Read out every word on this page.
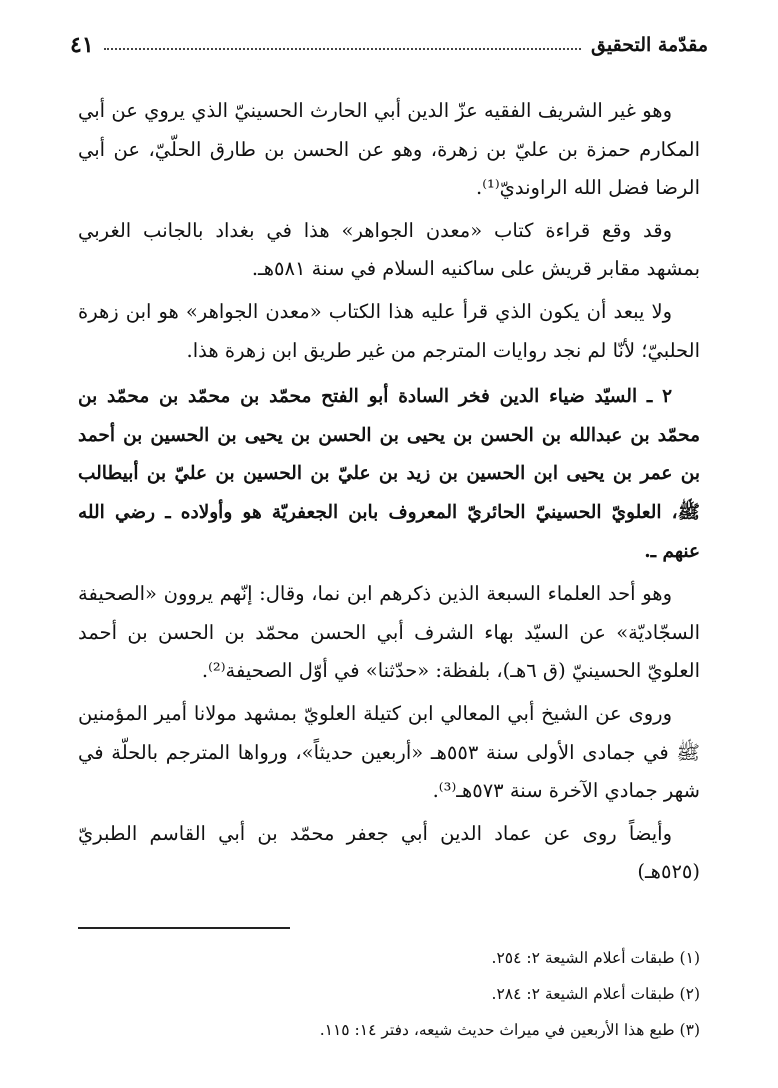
مقدّمة التحقيق
٤١

وهو غير الشريف الفقيه عزّ الدين أبي الحارث الحسينيّ الذي يروي عن أبي المكارم حمزة بن عليّ بن زهرة، وهو عن الحسن بن طارق الحلّيّ، عن أبي الرضا فضل الله الراونديّ⁽¹⁾.

وقد وقع قراءة كتاب «معدن الجواهر» هذا في بغداد بالجانب الغربي بمشهد مقابر قريش على ساكنيه السلام في سنة ٥٨١هـ.

ولا يبعد أن يكون الذي قرأ عليه هذا الكتاب «معدن الجواهر» هو ابن زهرة الحلبيّ؛ لأنّا لم نجد روايات المترجم من غير طريق ابن زهرة هذا.

٢ ـ السيّد ضياء الدين فخر السادة أبو الفتح محمّد بن محمّد بن محمّد بن محمّد بن عبدالله بن الحسن بن يحيى بن الحسن بن يحيى بن الحسين بن أحمد بن عمر بن يحيى ابن الحسين بن زيد بن عليّ بن الحسين بن عليّ بن أبيطالب ﷺ، العلويّ الحسينيّ الحائريّ المعروف بابن الجعفريّة هو وأولاده ـ رضي الله عنهم ـ.

وهو أحد العلماء السبعة الذين ذكرهم ابن نما، وقال: إنّهم يروون «الصحيفة السجّاديّة» عن السيّد بهاء الشرف أبي الحسن محمّد بن الحسن بن أحمد العلويّ الحسينيّ (ق ٦هـ)، بلفظة: «حدّثنا» في أوّل الصحيفة⁽²⁾.

وروى عن الشيخ أبي المعالي ابن كتيلة العلويّ بمشهد مولانا أمير المؤمنين ﷺ في جمادى الأولى سنة ٥٥٣هـ «أربعين حديثاً»، ورواها المترجم بالحلّة في شهر جمادي الآخرة سنة ٥٧٣هـ⁽³⁾.

وأيضاً روى عن عماد الدين أبي جعفر محمّد بن أبي القاسم الطبريّ (٥٢٥هـ)

(١) طبقات أعلام الشيعة ٢: ٢٥٤.

(٢) طبقات أعلام الشيعة ٢: ٢٨٤.

(٣) طبع هذا الأربعين في ميراث حديث شيعه، دفتر ١٤: ١١٥.
